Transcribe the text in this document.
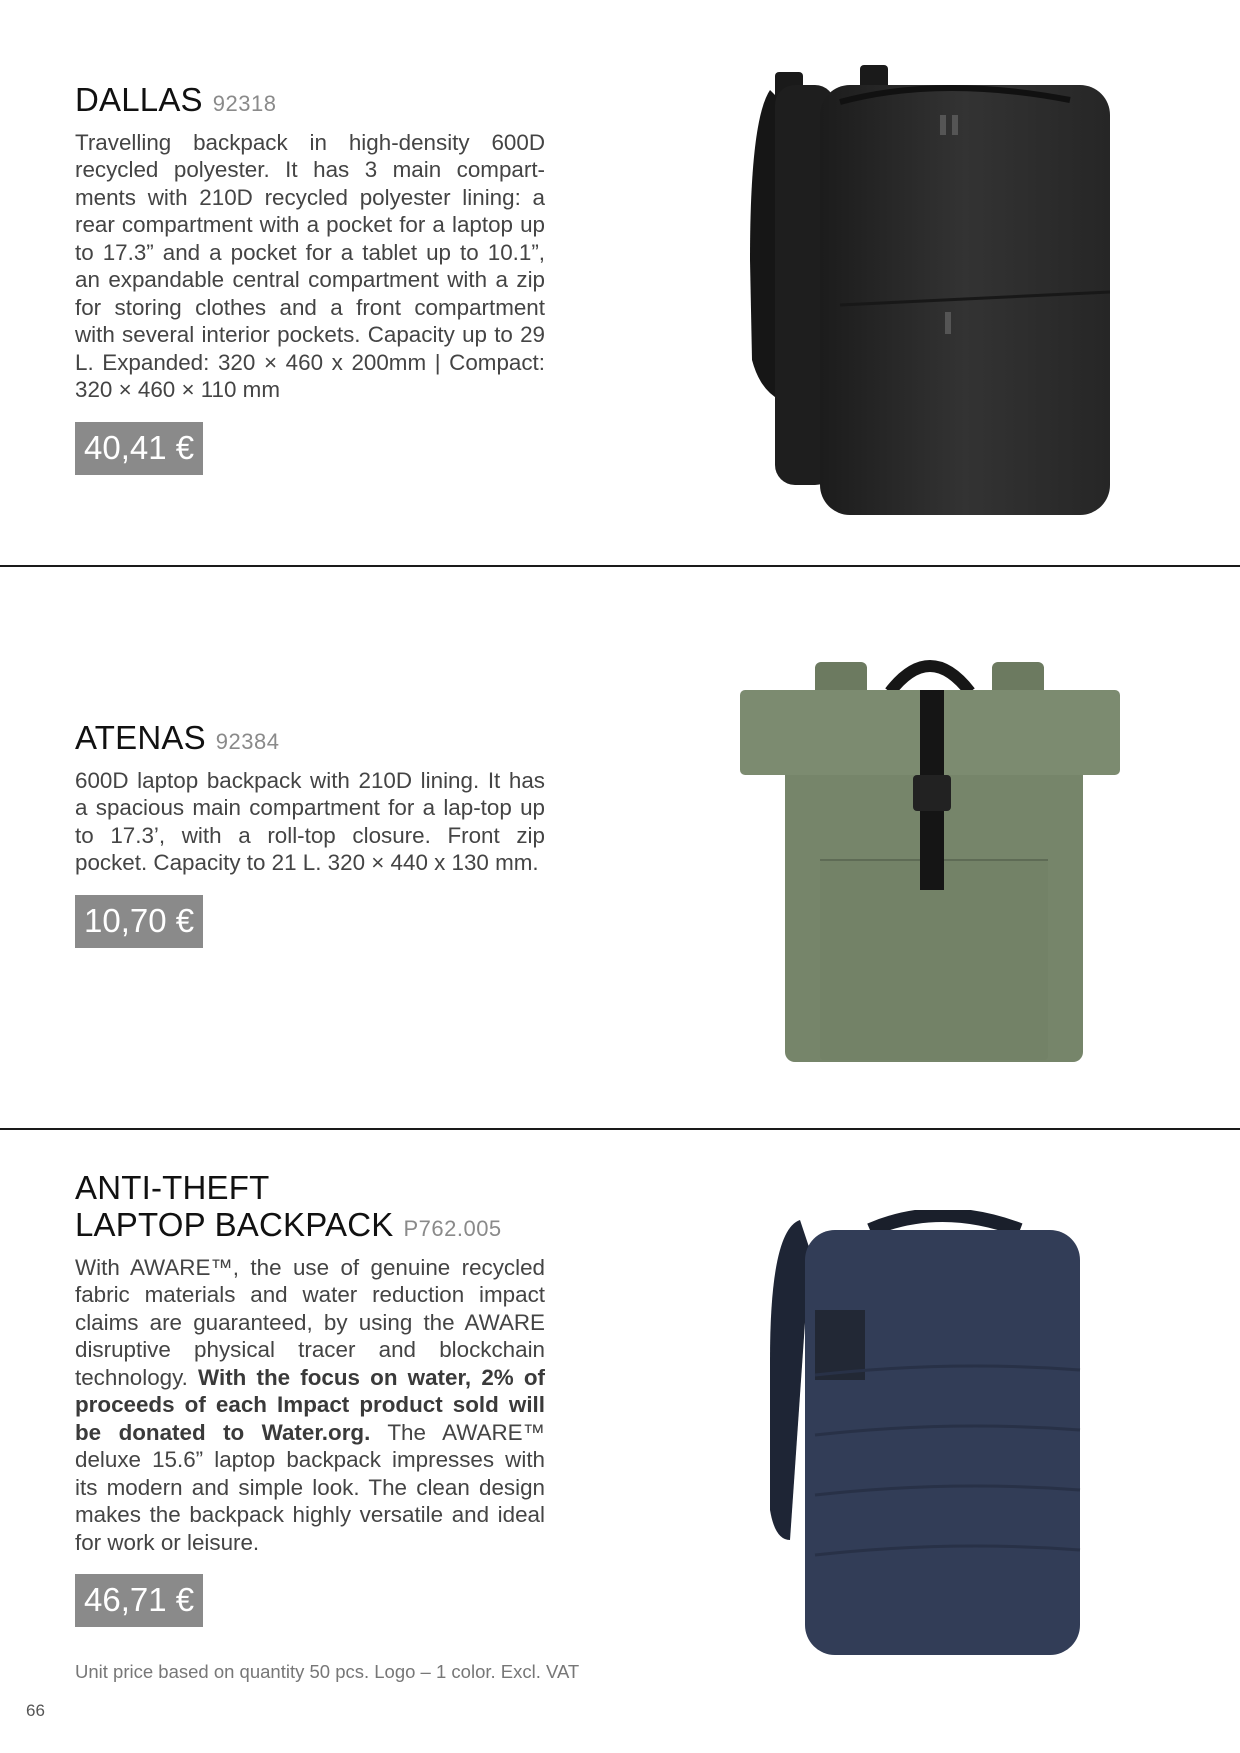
DALLAS 92318

Travelling backpack in high-density 600D recycled polyester. It has 3 main compart-ments with 210D recycled polyester lining: a rear compartment with a pocket for a laptop up to 17.3” and a pocket for a tablet up to 10.1”, an expandable central compartment with a zip for storing clothes and a front compartment with several interior pockets. Capacity up to 29 L. Expanded: 320 × 460 x 200mm | Compact: 320 × 460 × 110 mm

40,41 €
ATENAS 92384

600D laptop backpack with 210D lining. It has a spacious main compartment for a lap-top up to 17.3’, with a roll-top closure. Front zip pocket. Capacity to 21 L. 320 × 440 x 130 mm.

10,70 €
ANTI-THEFT
LAPTOP BACKPACK P762.005

With AWARE™, the use of genuine recycled fabric materials and water reduction impact claims are guaranteed, by using the AWARE disruptive physical tracer and blockchain technology. With the focus on water, 2% of proceeds of each Impact product sold will be donated to Water.org. The AWARE™ deluxe 15.6” laptop backpack impresses with its modern and simple look. The clean design makes the backpack highly versatile and ideal for work or leisure.

46,71 €
Unit price based on quantity 50 pcs. Logo – 1 color. Excl. VAT
66
